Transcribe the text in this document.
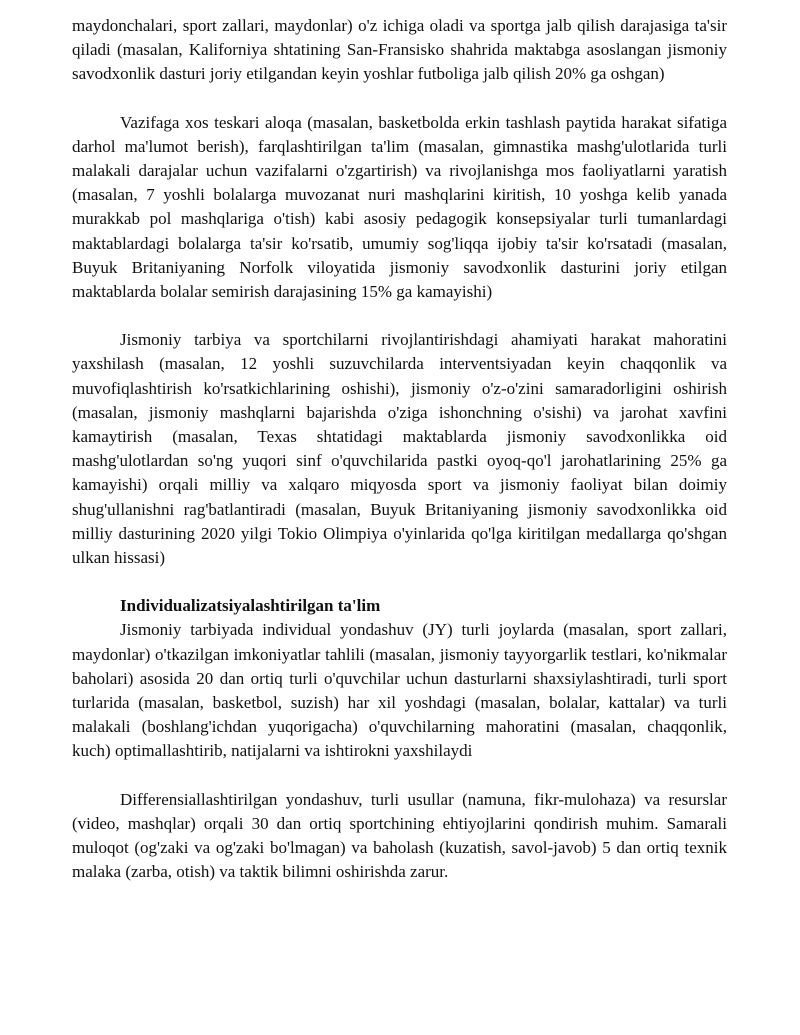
maydonchalari, sport zallari, maydonlar) o'z ichiga oladi va sportga jalb qilish darajasiga ta'sir qiladi (masalan, Kaliforniya shtatining San-Fransisko shahrida maktabga asoslangan jismoniy savodxonlik dasturi joriy etilgandan keyin yoshlar futboliga jalb qilish 20% ga oshgan)

Vazifaga xos teskari aloqa (masalan, basketbolda erkin tashlash paytida harakat sifatiga darhol ma'lumot berish), farqlashtirilgan ta'lim (masalan, gimnastika mashg'ulotlarida turli malakali darajalar uchun vazifalarni o'zgartirish) va rivojlanishga mos faoliyatlarni yaratish (masalan, 7 yoshli bolalarga muvozanat nuri mashqlarini kiritish, 10 yoshga kelib yanada murakkab pol mashqlariga o'tish) kabi asosiy pedagogik konsepsiyalar turli tumanlardagi maktablardagi bolalarga ta'sir ko'rsatib, umumiy sog'liqqa ijobiy ta'sir ko'rsatadi (masalan, Buyuk Britaniyaning Norfolk viloyatida jismoniy savodxonlik dasturini joriy etilgan maktablarda bolalar semirish darajasining 15% ga kamayishi)

Jismoniy tarbiya va sportchilarni rivojlantirishdagi ahamiyati harakat mahoratini yaxshilash (masalan, 12 yoshli suzuvchilarda interventsiyadan keyin chaqqonlik va muvofiqlashtirish ko'rsatkichlarining oshishi), jismoniy o'z-o'zini samaradorligini oshirish (masalan, jismoniy mashqlarni bajarishda o'ziga ishonchning o'sishi) va jarohat xavfini kamaytirish (masalan, Texas shtatidagi maktablarda jismoniy savodxonlikka oid mashg'ulotlardan so'ng yuqori sinf o'quvchilarida pastki oyoq-qo'l jarohatlarining 25% ga kamayishi) orqali milliy va xalqaro miqyosda sport va jismoniy faoliyat bilan doimiy shug'ullanishni rag'batlantiradi (masalan, Buyuk Britaniyaning jismoniy savodxonlikka oid milliy dasturining 2020 yilgi Tokio Olimpiya o'yinlarida qo'lga kiritilgan medallarga qo'shgan ulkan hissasi)

Individualizatsiyalashtirilgan ta'lim

Jismoniy tarbiyada individual yondashuv (JY) turli joylarda (masalan, sport zallari, maydonlar) o'tkazilgan imkoniyatlar tahlili (masalan, jismoniy tayyorgarlik testlari, ko'nikmalar baholari) asosida 20 dan ortiq turli o'quvchilar uchun dasturlarni shaxsiylashtiradi, turli sport turlarida (masalan, basketbol, suzish) har xil yoshdagi (masalan, bolalar, kattalar) va turli malakali (boshlang'ichdan yuqorigacha) o'quvchilarning mahoratini (masalan, chaqqonlik, kuch) optimallashtirib, natijalarni va ishtirokni yaxshilaydi

Differensiallashtirilgan yondashuv, turli usullar (namuna, fikr-mulohaza) va resurslar (video, mashqlar) orqali 30 dan ortiq sportchining ehtiyojlarini qondirish muhim. Samarali muloqot (og'zaki va og'zaki bo'lmagan) va baholash (kuzatish, savol-javob) 5 dan ortiq texnik malaka (zarba, otish) va taktik bilimni oshirishda zarur.
